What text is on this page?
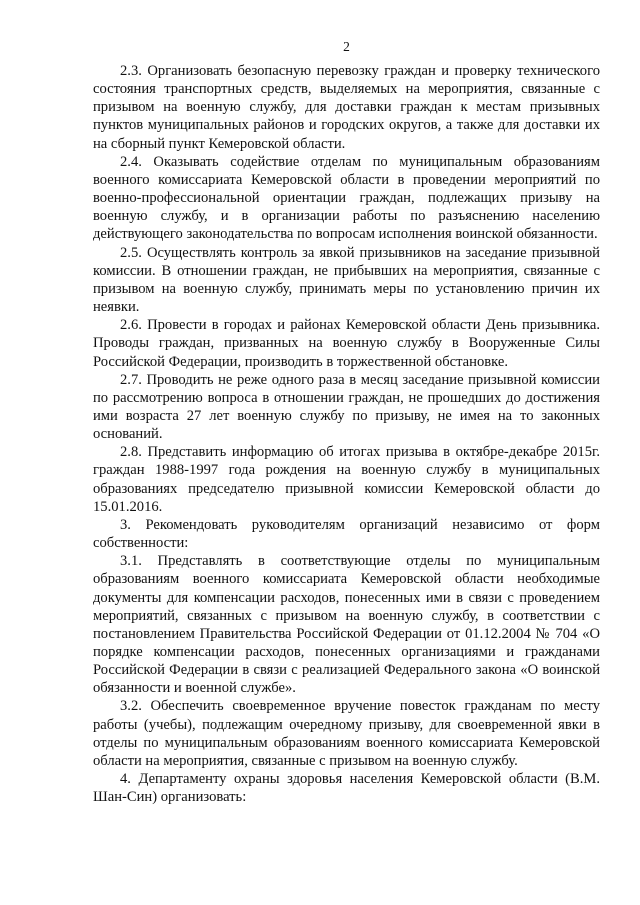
2

2.3. Организовать безопасную перевозку граждан и проверку технического состояния транспортных средств, выделяемых на мероприятия, связанные с призывом на военную службу, для доставки граждан к местам призывных пунктов муниципальных районов и городских округов, а также для доставки их на сборный пункт Кемеровской области.

2.4. Оказывать содействие отделам по муниципальным образованиям военного комиссариата Кемеровской области в проведении мероприятий по военно-профессиональной ориентации граждан, подлежащих призыву на военную службу, и в организации работы по разъяснению населению действующего законодательства по вопросам исполнения воинской обязанности.

2.5. Осуществлять контроль за явкой призывников на заседание призывной комиссии. В отношении граждан, не прибывших на мероприятия, связанные с призывом на военную службу, принимать меры по установлению причин их неявки.

2.6. Провести в городах и районах Кемеровской области День призывника. Проводы граждан, призванных на военную службу в Вооруженные Силы Российской Федерации, производить в торжественной обстановке.

2.7. Проводить не реже одного раза в месяц заседание призывной комиссии по рассмотрению вопроса в отношении граждан, не прошедших до достижения ими возраста 27 лет военную службу по призыву, не имея на то законных оснований.

2.8. Представить информацию об итогах призыва в октябре-декабре 2015г. граждан 1988-1997 года рождения на военную службу в муниципальных образованиях председателю призывной комиссии Кемеровской области до 15.01.2016.

3. Рекомендовать руководителям организаций независимо от форм собственности:

3.1. Представлять в соответствующие отделы по муниципальным образованиям военного комиссариата Кемеровской области необходимые документы для компенсации расходов, понесенных ими в связи с проведением мероприятий, связанных с призывом на военную службу, в соответствии с постановлением Правительства Российской Федерации от 01.12.2004 № 704 «О порядке компенсации расходов, понесенных организациями и гражданами Российской Федерации в связи с реализацией Федерального закона «О воинской обязанности и военной службе».

3.2. Обеспечить своевременное вручение повесток гражданам по месту работы (учебы), подлежащим очередному призыву, для своевременной явки в отделы по муниципальным образованиям военного комиссариата Кемеровской области на мероприятия, связанные с призывом на военную службу.

4. Департаменту охраны здоровья населения Кемеровской области (В.М. Шан-Син) организовать:
